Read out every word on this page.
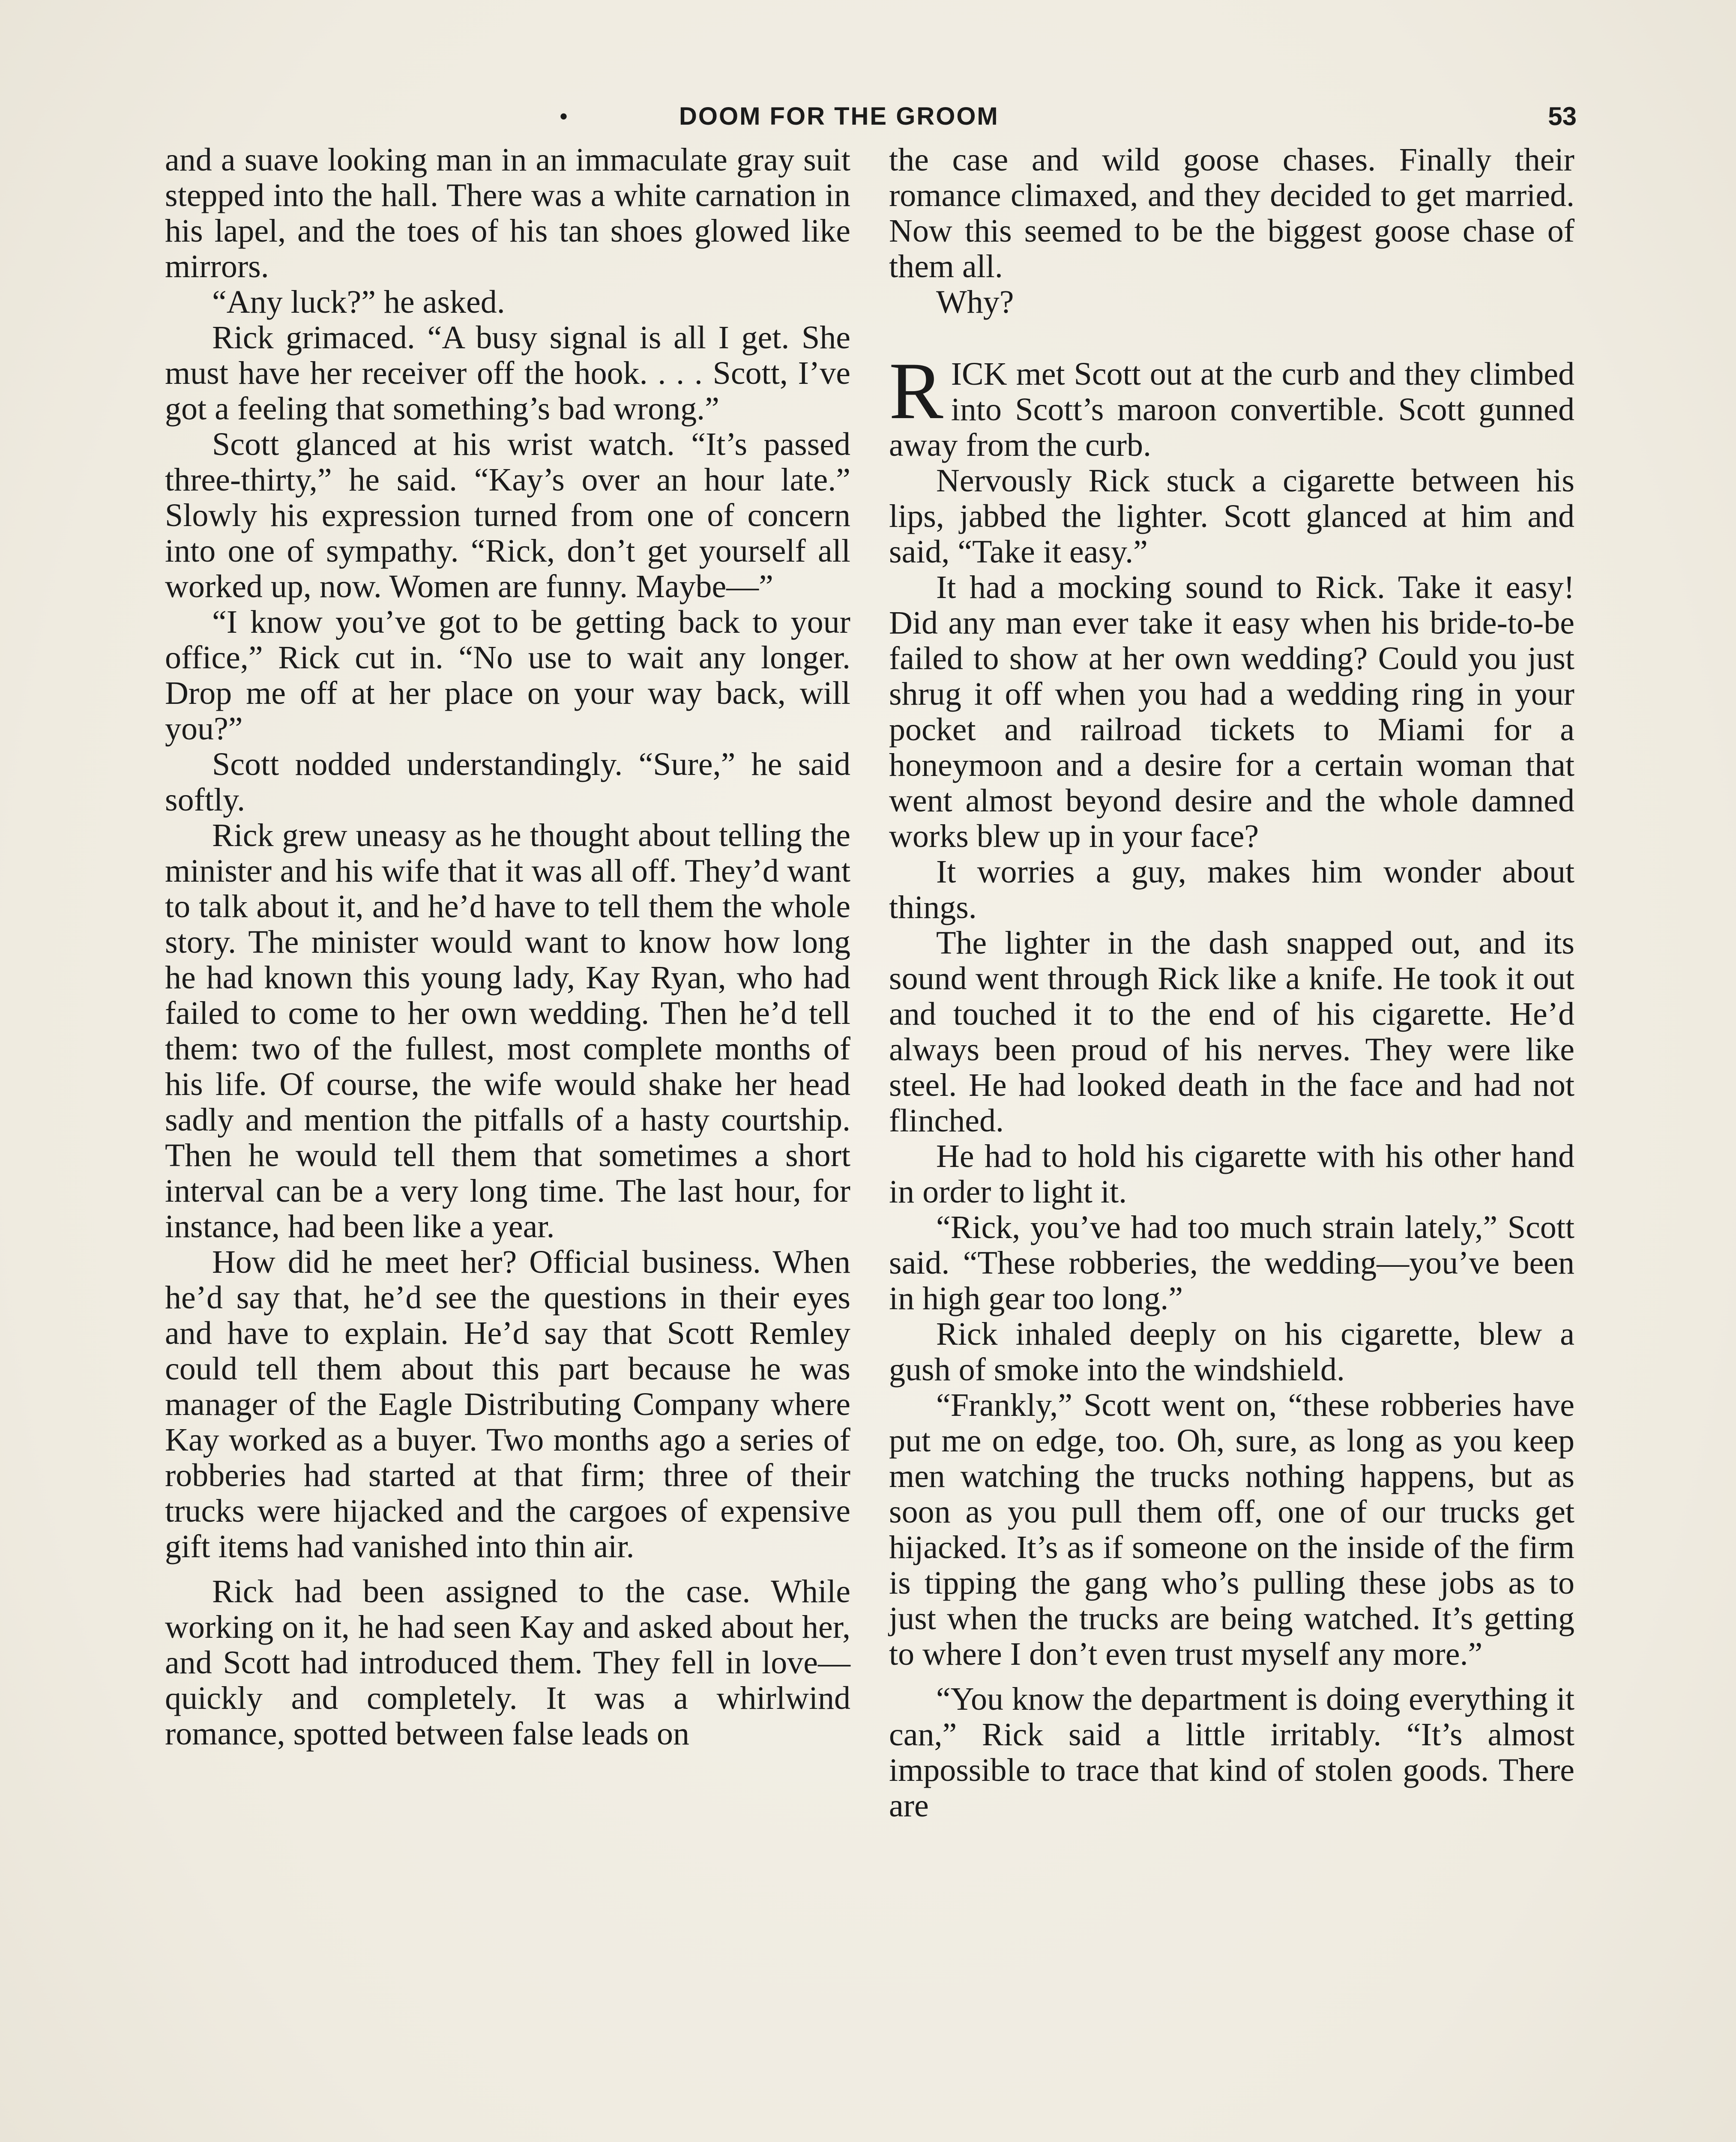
•	DOOM FOR THE GROOM	53

and a suave looking man in an immaculate gray suit stepped into the hall. There was a white carnation in his lapel, and the toes of his tan shoes glowed like mirrors.

“Any luck?” he asked.

Rick grimaced. “A busy signal is all I get. She must have her receiver off the hook. . . . Scott, I’ve got a feeling that something’s bad wrong.”

Scott glanced at his wrist watch. “It’s passed three-thirty,” he said. “Kay’s over an hour late.” Slowly his expression turned from one of concern into one of sympathy. “Rick, don’t get yourself all worked up, now. Women are funny. Maybe—”

“I know you’ve got to be getting back to your office,” Rick cut in. “No use to wait any longer. Drop me off at her place on your way back, will you?”

Scott nodded understandingly. “Sure,” he said softly.

Rick grew uneasy as he thought about telling the minister and his wife that it was all off. They’d want to talk about it, and he’d have to tell them the whole story. The minister would want to know how long he had known this young lady, Kay Ryan, who had failed to come to her own wedding. Then he’d tell them: two of the fullest, most complete months of his life. Of course, the wife would shake her head sadly and mention the pitfalls of a hasty courtship. Then he would tell them that sometimes a short interval can be a very long time. The last hour, for instance, had been like a year.

How did he meet her? Official business. When he’d say that, he’d see the questions in their eyes and have to explain. He’d say that Scott Remley could tell them about this part because he was manager of the Eagle Distributing Company where Kay worked as a buyer. Two months ago a series of robberies had started at that firm; three of their trucks were hijacked and the cargoes of expensive gift items had vanished into thin air.

Rick had been assigned to the case. While working on it, he had seen Kay and asked about her, and Scott had introduced them. They fell in love—quickly and completely. It was a whirlwind romance, spotted between false leads on

the case and wild goose chases. Finally their romance climaxed, and they decided to get married. Now this seemed to be the biggest goose chase of them all.

Why?

RICK met Scott out at the curb and they climbed into Scott’s maroon convertible. Scott gunned away from the curb.

Nervously Rick stuck a cigarette between his lips, jabbed the lighter. Scott glanced at him and said, “Take it easy.”

It had a mocking sound to Rick. Take it easy! Did any man ever take it easy when his bride-to-be failed to show at her own wedding? Could you just shrug it off when you had a wedding ring in your pocket and railroad tickets to Miami for a honeymoon and a desire for a certain woman that went almost beyond desire and the whole damned works blew up in your face?

It worries a guy, makes him wonder about things.

The lighter in the dash snapped out, and its sound went through Rick like a knife. He took it out and touched it to the end of his cigarette. He’d always been proud of his nerves. They were like steel. He had looked death in the face and had not flinched.

He had to hold his cigarette with his other hand in order to light it.

“Rick, you’ve had too much strain lately,” Scott said. “These robberies, the wedding—you’ve been in high gear too long.”

Rick inhaled deeply on his cigarette, blew a gush of smoke into the windshield.

“Frankly,” Scott went on, “these robberies have put me on edge, too. Oh, sure, as long as you keep men watching the trucks nothing happens, but as soon as you pull them off, one of our trucks get hijacked. It’s as if someone on the inside of the firm is tipping the gang who’s pulling these jobs as to just when the trucks are being watched. It’s getting to where I don’t even trust myself any more.”

“You know the department is doing everything it can,” Rick said a little irritably. “It’s almost impossible to trace that kind of stolen goods. There are
